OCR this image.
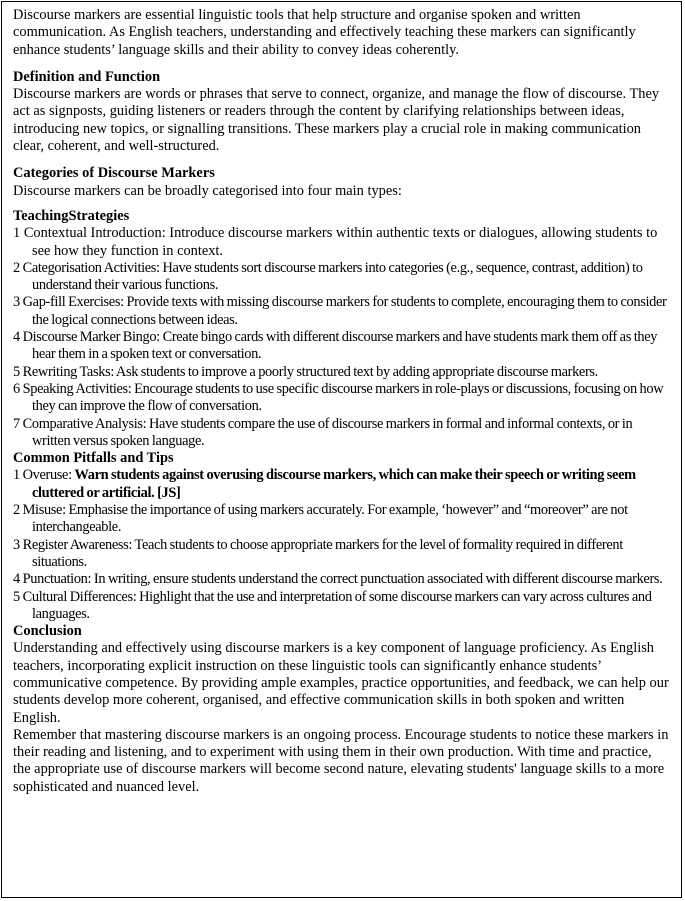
Discourse markers are essential linguistic tools that help structure and organise spoken and written communication. As English teachers, understanding and effectively teaching these markers can significantly enhance students’ language skills and their ability to convey ideas coherently.

Definition and Function

Discourse markers are words or phrases that serve to connect, organize, and manage the flow of discourse. They act as signposts, guiding listeners or readers through the content by clarifying relationships between ideas, introducing new topics, or signalling transitions. These markers play a crucial role in making communication clear, coherent, and well-structured.

Categories of Discourse Markers

Discourse markers can be broadly categorised into four main types:

TeachingStrategies

1 Contextual Introduction: Introduce discourse markers within authentic texts or dialogues, allowing students to see how they function in context.

2 Categorisation Activities: Have students sort discourse markers into categories (e.g., sequence, contrast, addition) to understand their various functions.

3 Gap-fill Exercises: Provide texts with missing discourse markers for students to complete, encouraging them to consider the logical connections between ideas.

4 Discourse Marker Bingo: Create bingo cards with different discourse markers and have students mark them off as they hear them in a spoken text or conversation.

5 Rewriting Tasks: Ask students to improve a poorly structured text by adding appropriate discourse markers.

6 Speaking Activities: Encourage students to use specific discourse markers in role-plays or discussions, focusing on how they can improve the flow of conversation.

7 Comparative Analysis: Have students compare the use of discourse markers in formal and informal contexts, or in written versus spoken language.

Common Pitfalls and Tips

1 Overuse: Warn students against overusing discourse markers, which can make their speech or writing seem cluttered or artificial. [JS]

2 Misuse: Emphasise the importance of using markers accurately. For example, ‘however” and “moreover” are not interchangeable.

3 Register Awareness: Teach students to choose appropriate markers for the level of formality required in different situations.

4 Punctuation: In writing, ensure students understand the correct punctuation associated with different discourse markers.

5 Cultural Differences: Highlight that the use and interpretation of some discourse markers can vary across cultures and languages.

Conclusion

Understanding and effectively using discourse markers is a key component of language proficiency. As English teachers, incorporating explicit instruction on these linguistic tools can significantly enhance students’ communicative competence. By providing ample examples, practice opportunities, and feedback, we can help our students develop more coherent, organised, and effective communication skills in both spoken and written English.

Remember that mastering discourse markers is an ongoing process. Encourage students to notice these markers in their reading and listening, and to experiment with using them in their own production. With time and practice, the appropriate use of discourse markers will become second nature, elevating students' language skills to a more sophisticated and nuanced level.
